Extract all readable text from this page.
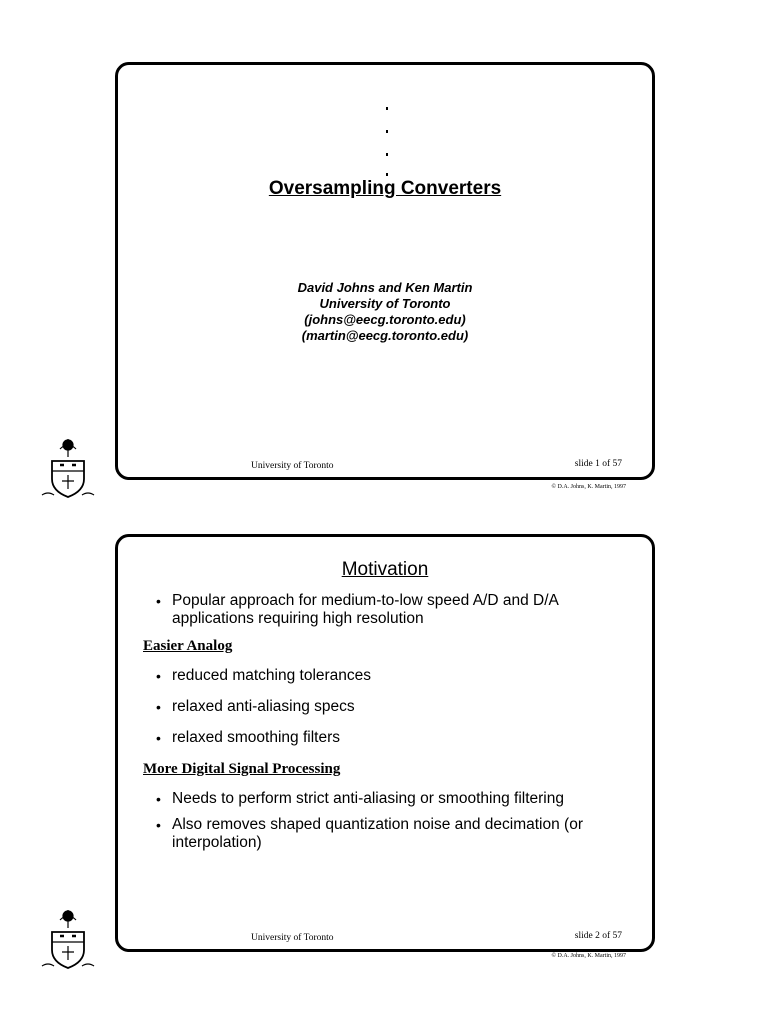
Oversampling Converters
David Johns and Ken Martin
University of Toronto
(johns@eecg.toronto.edu)
(martin@eecg.toronto.edu)
University of Toronto	slide 1 of 57
© D.A. Johns, K. Martin, 1997
Motivation
• Popular approach for medium-to-low speed A/D and D/A applications requiring high resolution
Easier Analog
• reduced matching tolerances
• relaxed anti-aliasing specs
• relaxed smoothing filters
More Digital Signal Processing
• Needs to perform strict anti-aliasing or smoothing filtering
• Also removes shaped quantization noise and decimation (or interpolation)
University of Toronto	slide 2 of 57
© D.A. Johns, K. Martin, 1997
